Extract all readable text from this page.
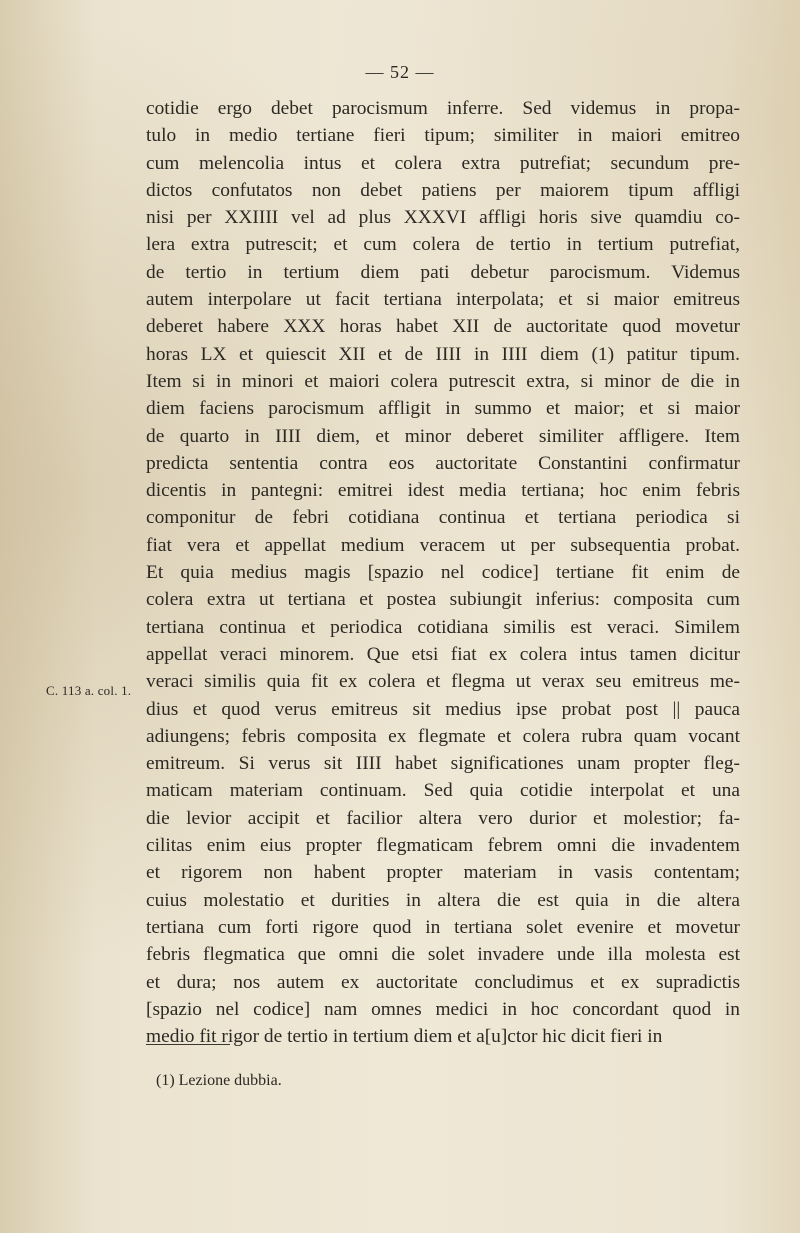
— 52 —
C. 113 a. col. 1.
cotidie ergo debet parocismum inferre. Sed videmus in propa-
tulo in medio tertiane fieri tipum; similiter in maiori emitreo
cum melencolia intus et colera extra putrefiat; secundum pre-
dictos confutatos non debet patiens per maiorem tipum affligi
nisi per XXIIII vel ad plus XXXVI affligi horis sive quamdiu co-
lera extra putrescit; et cum colera de tertio in tertium putrefiat,
de tertio in tertium diem pati debetur parocismum. Videmus
autem interpolare ut facit tertiana interpolata; et si maior emitreus
deberet habere XXX horas habet XII de auctoritate quod movetur
horas LX et quiescit XII et de IIII in IIII diem (1) patitur tipum.
Item si in minori et maiori colera putrescit extra, si minor de die in
diem faciens parocismum affligit in summo et maior; et si maior
de quarto in IIII diem, et minor deberet similiter affligere. Item
predicta sententia contra eos auctoritate Constantini confirmatur
dicentis in pantegni: emitrei idest media tertiana; hoc enim febris
componitur de febri cotidiana continua et tertiana periodica si
fiat vera et appellat medium veracem ut per subsequentia probat.
Et quia medius magis [spazio nel codice] tertiane fit enim de
colera extra ut tertiana et postea subiungit inferius: composita cum
tertiana continua et periodica cotidiana similis est veraci. Similem
appellat veraci minorem. Que etsi fiat ex colera intus tamen dicitur
veraci similis quia fit ex colera et flegma ut verax seu emitreus me-
dius et quod verus emitreus sit medius ipse probat post || pauca
adiungens; febris composita ex flegmate et colera rubra quam vocant
emitreum. Si verus sit IIII habet significationes unam propter fleg-
maticam materiam continuam. Sed quia cotidie interpolat et una
die levior accipit et facilior altera vero durior et molestior; fa-
cilitas enim eius propter flegmaticam febrem omni die invadentem
et rigorem non habent propter materiam in vasis contentam;
cuius molestatio et durities in altera die est quia in die altera
tertiana cum forti rigore quod in tertiana solet evenire et movetur
febris flegmatica que omni die solet invadere unde illa molesta est
et dura; nos autem ex auctoritate concludimus et ex supradictis
[spazio nel codice] nam omnes medici in hoc concordant quod in
medio fit rigor de tertio in tertium diem et a[u]ctor hic dicit fieri in
(1) Lezione dubbia.
